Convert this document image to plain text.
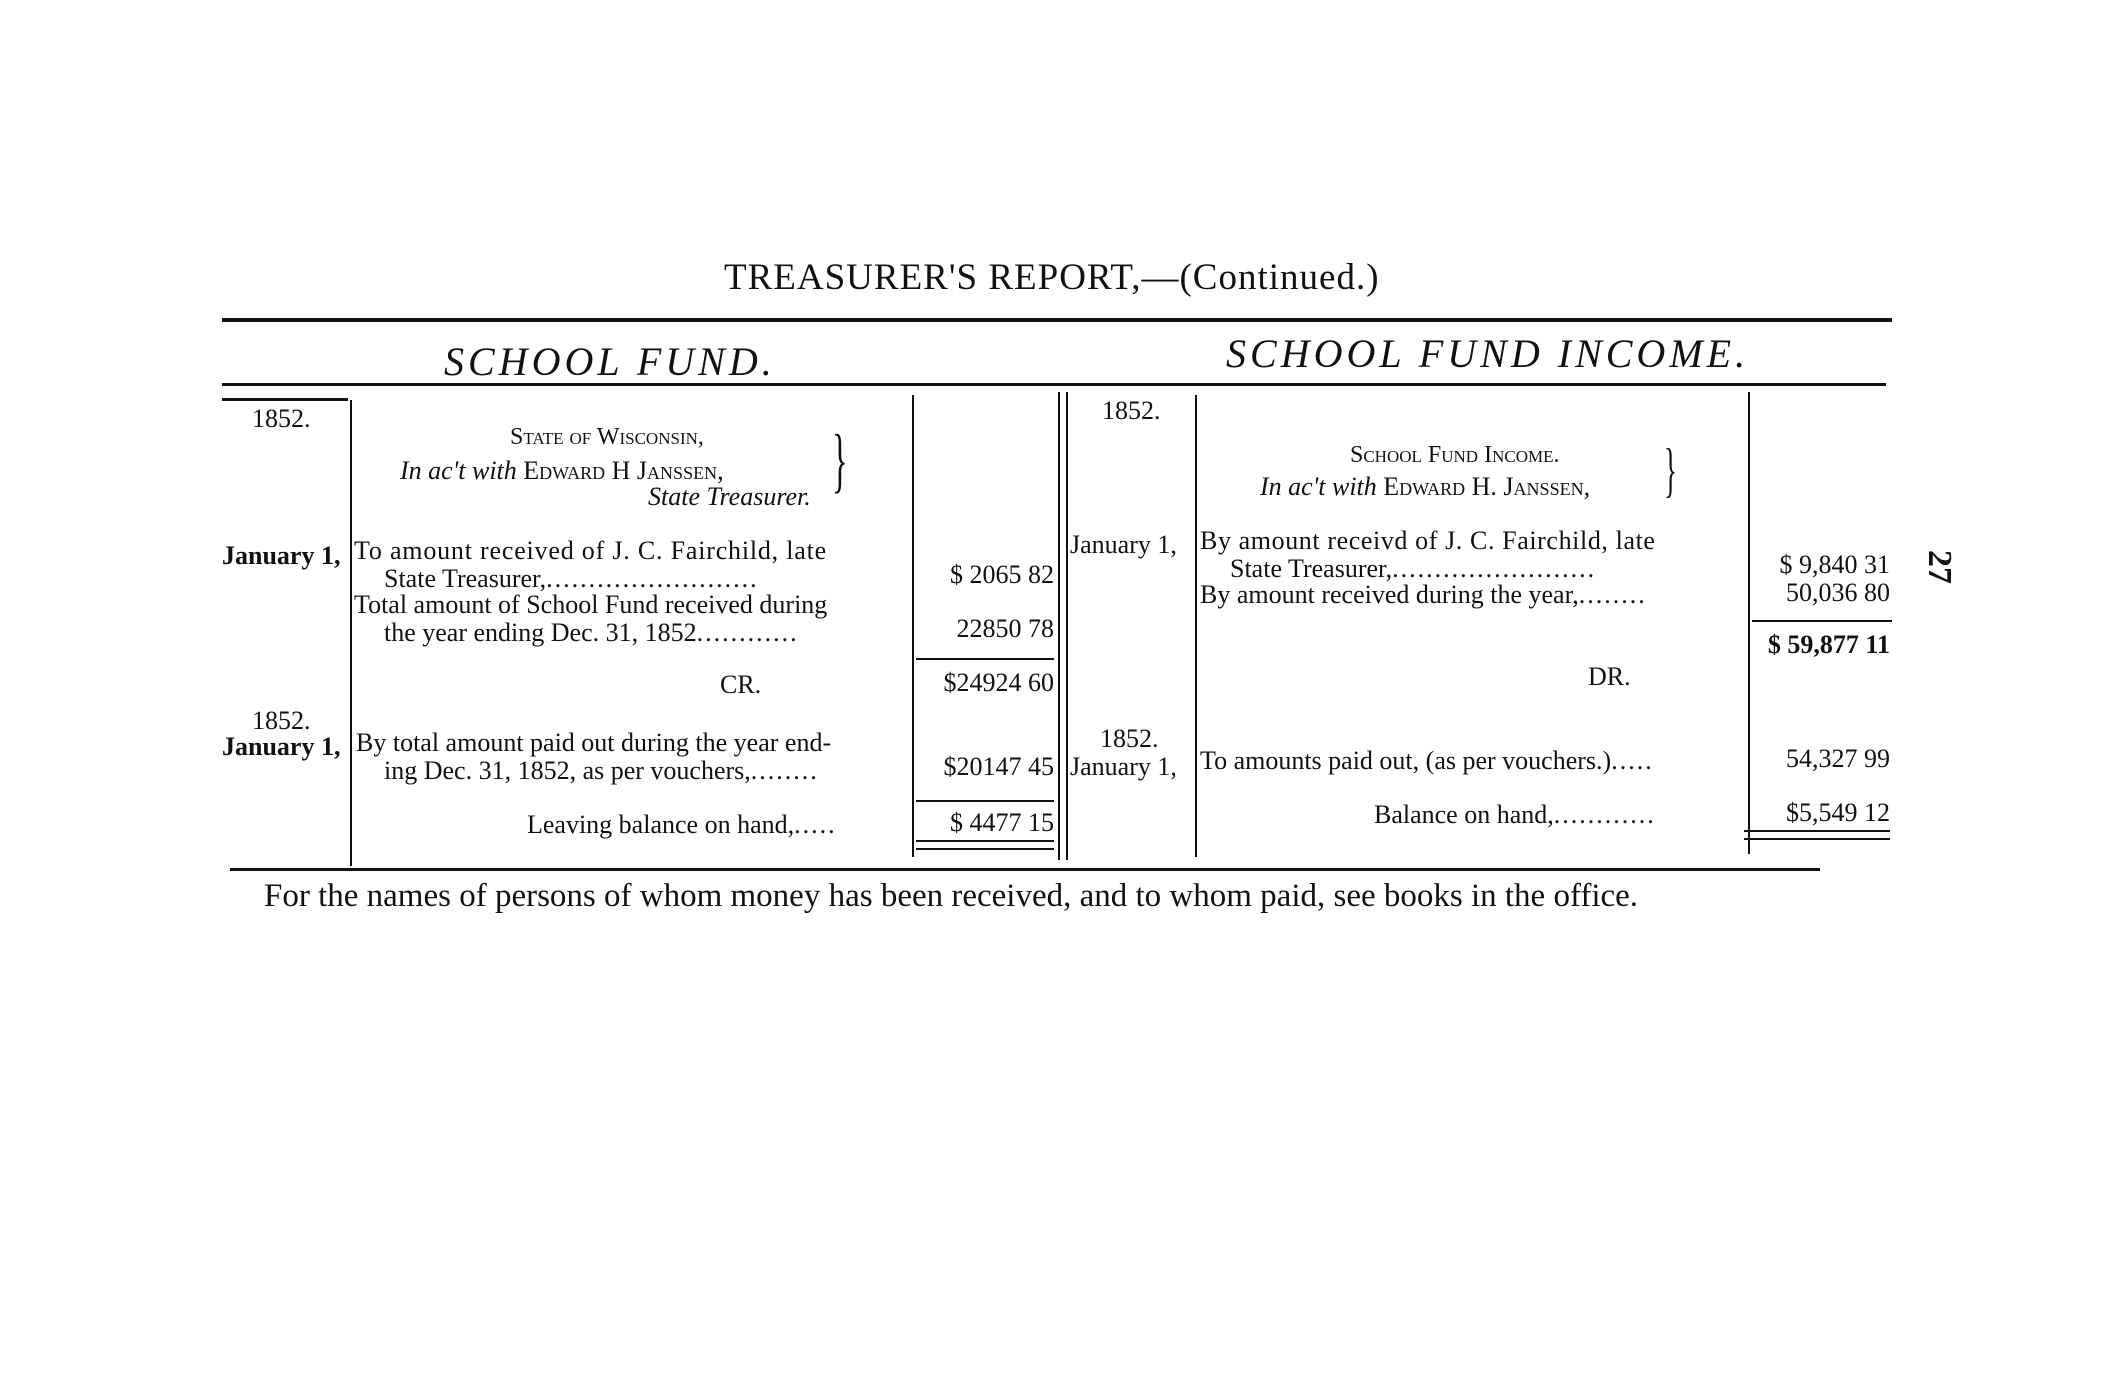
TREASURER'S REPORT,—(Continued.)
27
SCHOOL FUND.	SCHOOL FUND INCOME.
1852.
State of Wisconsin,
In ac't with Edward H Janssen,
State Treasurer. }
January 1, To amount received of J. C. Fairchild, late
State Treasurer,.........................	$ 2065 82
Total amount of School Fund received during
the year ending Dec. 31, 1852............	22850 78
CR.	$24924 60
1852.
January 1, By total amount paid out during the year end-
ing Dec. 31, 1852, as per vouchers,........	$20147 45
Leaving balance on hand,.....	$ 4477 15
1852.
School Fund Income.
In ac't with Edward H. Janssen, }
January 1, By amount receivd of J. C. Fairchild, late
State Treasurer,........................	$ 9,840 31
By amount received during the year,........	50,036 80
$ 59,877 11
DR.
1852.
January 1, To amounts paid out, (as per vouchers.).....	54,327 99
Balance on hand,............	$5,549 12
For the names of persons of whom money has been received, and to whom paid, see books in the office.
